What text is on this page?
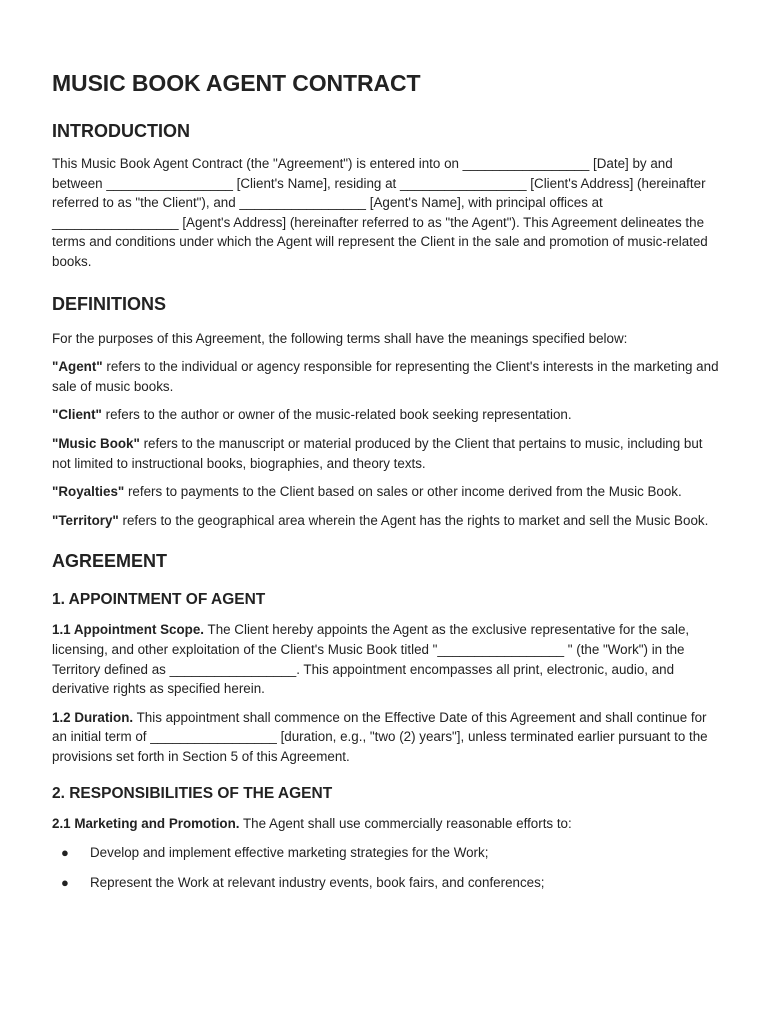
MUSIC BOOK AGENT CONTRACT
INTRODUCTION

This Music Book Agent Contract (the "Agreement") is entered into on _________________ [Date] by and between _________________ [Client's Name], residing at _________________ [Client's Address] (hereinafter referred to as "the Client"), and _________________ [Agent's Name], with principal offices at _________________ [Agent's Address] (hereinafter referred to as "the Agent"). This Agreement delineates the terms and conditions under which the Agent will represent the Client in the sale and promotion of music-related books.

DEFINITIONS

For the purposes of this Agreement, the following terms shall have the meanings specified below:

"Agent" refers to the individual or agency responsible for representing the Client's interests in the marketing and sale of music books.

"Client" refers to the author or owner of the music-related book seeking representation.

"Music Book" refers to the manuscript or material produced by the Client that pertains to music, including but not limited to instructional books, biographies, and theory texts.

"Royalties" refers to payments to the Client based on sales or other income derived from the Music Book.

"Territory" refers to the geographical area wherein the Agent has the rights to market and sell the Music Book.

AGREEMENT
1. APPOINTMENT OF AGENT

1.1 Appointment Scope. The Client hereby appoints the Agent as the exclusive representative for the sale, licensing, and other exploitation of the Client's Music Book titled "_________________ " (the "Work") in the Territory defined as _________________. This appointment encompasses all print, electronic, audio, and derivative rights as specified herein.

1.2 Duration. This appointment shall commence on the Effective Date of this Agreement and shall continue for an initial term of _________________ [duration, e.g., "two (2) years"], unless terminated earlier pursuant to the provisions set forth in Section 5 of this Agreement.

2. RESPONSIBILITIES OF THE AGENT

2.1 Marketing and Promotion. The Agent shall use commercially reasonable efforts to:

● Develop and implement effective marketing strategies for the Work;
● Represent the Work at relevant industry events, book fairs, and conferences;
